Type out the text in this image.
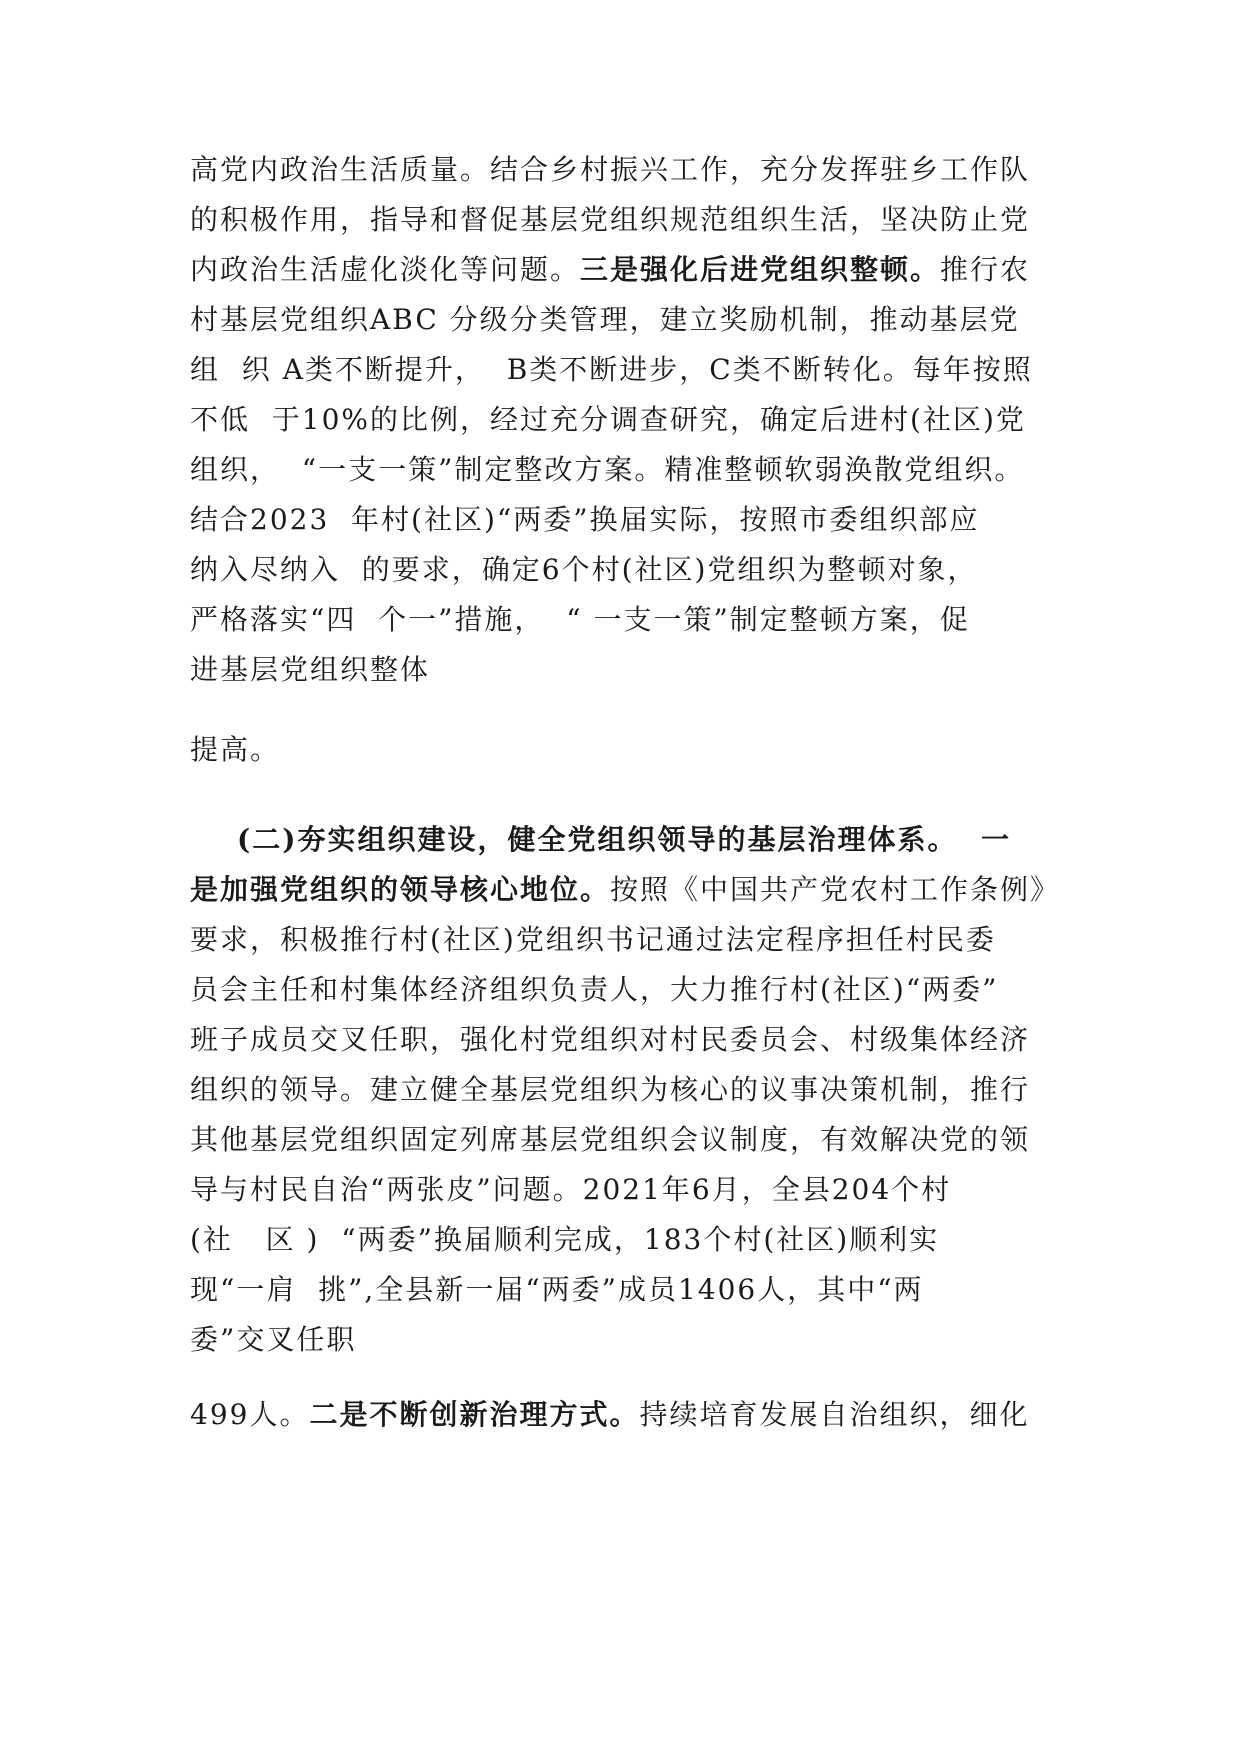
高党内政治生活质量。结合乡村振兴工作，充分发挥驻乡工作队
的积极作用，指导和督促基层党组织规范组织生活，坚决防止党
内政治生活虚化淡化等问题。三是强化后进党组织整顿。推行农
村基层党组织ABC 分级分类管理，建立奖励机制，推动基层党
组  织 A类不断提升，  B类不断进步，C类不断转化。每年按照
不低  于10%的比例，经过充分调查研究，确定后进村(社区)党
组织，  “一支一策”制定整改方案。精准整顿软弱涣散党组织。
结合2023  年村(社区)“两委”换届实际，按照市委组织部应
纳入尽纳入  的要求，确定6个村(社区)党组织为整顿对象，
严格落实“四  个一”措施，  “ 一支一策”制定整顿方案，促
进基层党组织整体
提高。
(二)夯实组织建设，健全党组织领导的基层治理体系。  一
是加强党组织的领导核心地位。按照《中国共产党农村工作条例》
要求，积极推行村(社区)党组织书记通过法定程序担任村民委
员会主任和村集体经济组织负责人，大力推行村(社区)“两委”
班子成员交叉任职，强化村党组织对村民委员会、村级集体经济
组织的领导。建立健全基层党组织为核心的议事决策机制，推行
其他基层党组织固定列席基层党组织会议制度，有效解决党的领
导与村民自治“两张皮”问题。2021年6月，全县204个村
(社   区 )  “两委”换届顺利完成，183个村(社区)顺利实
现“一肩  挑”,全县新一届“两委”成员1406人，其中“两
委”交叉任职
499人。二是不断创新治理方式。持续培育发展自治组织，细化
